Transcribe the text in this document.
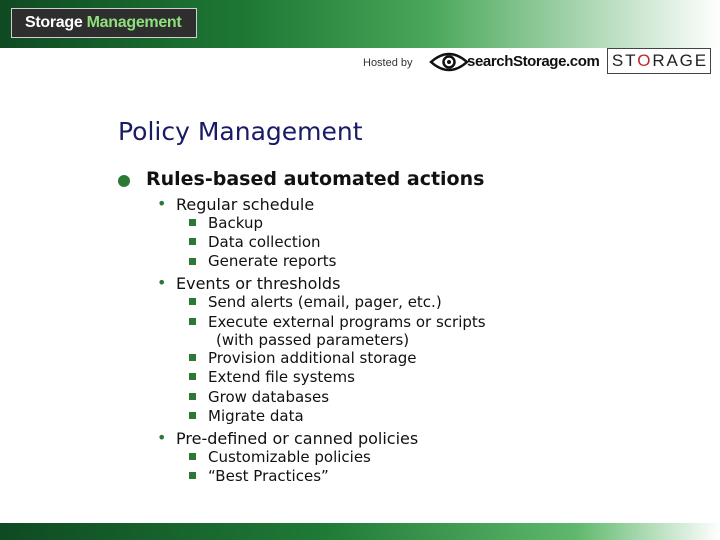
Storage Management
Hosted by	searchStorage.com S T O R A G E
Policy Management
Rules-based automated actions
• Regular schedule
Backup
Data collection
Generate reports
• Events or thresholds
Send alerts (email, pager, etc.)
Execute external programs or scripts
(with passed parameters)
Provision additional storage
Extend file systems
Grow databases
Migrate data
• Pre-defined or canned policies
Customizable policies
“Best Practices”
